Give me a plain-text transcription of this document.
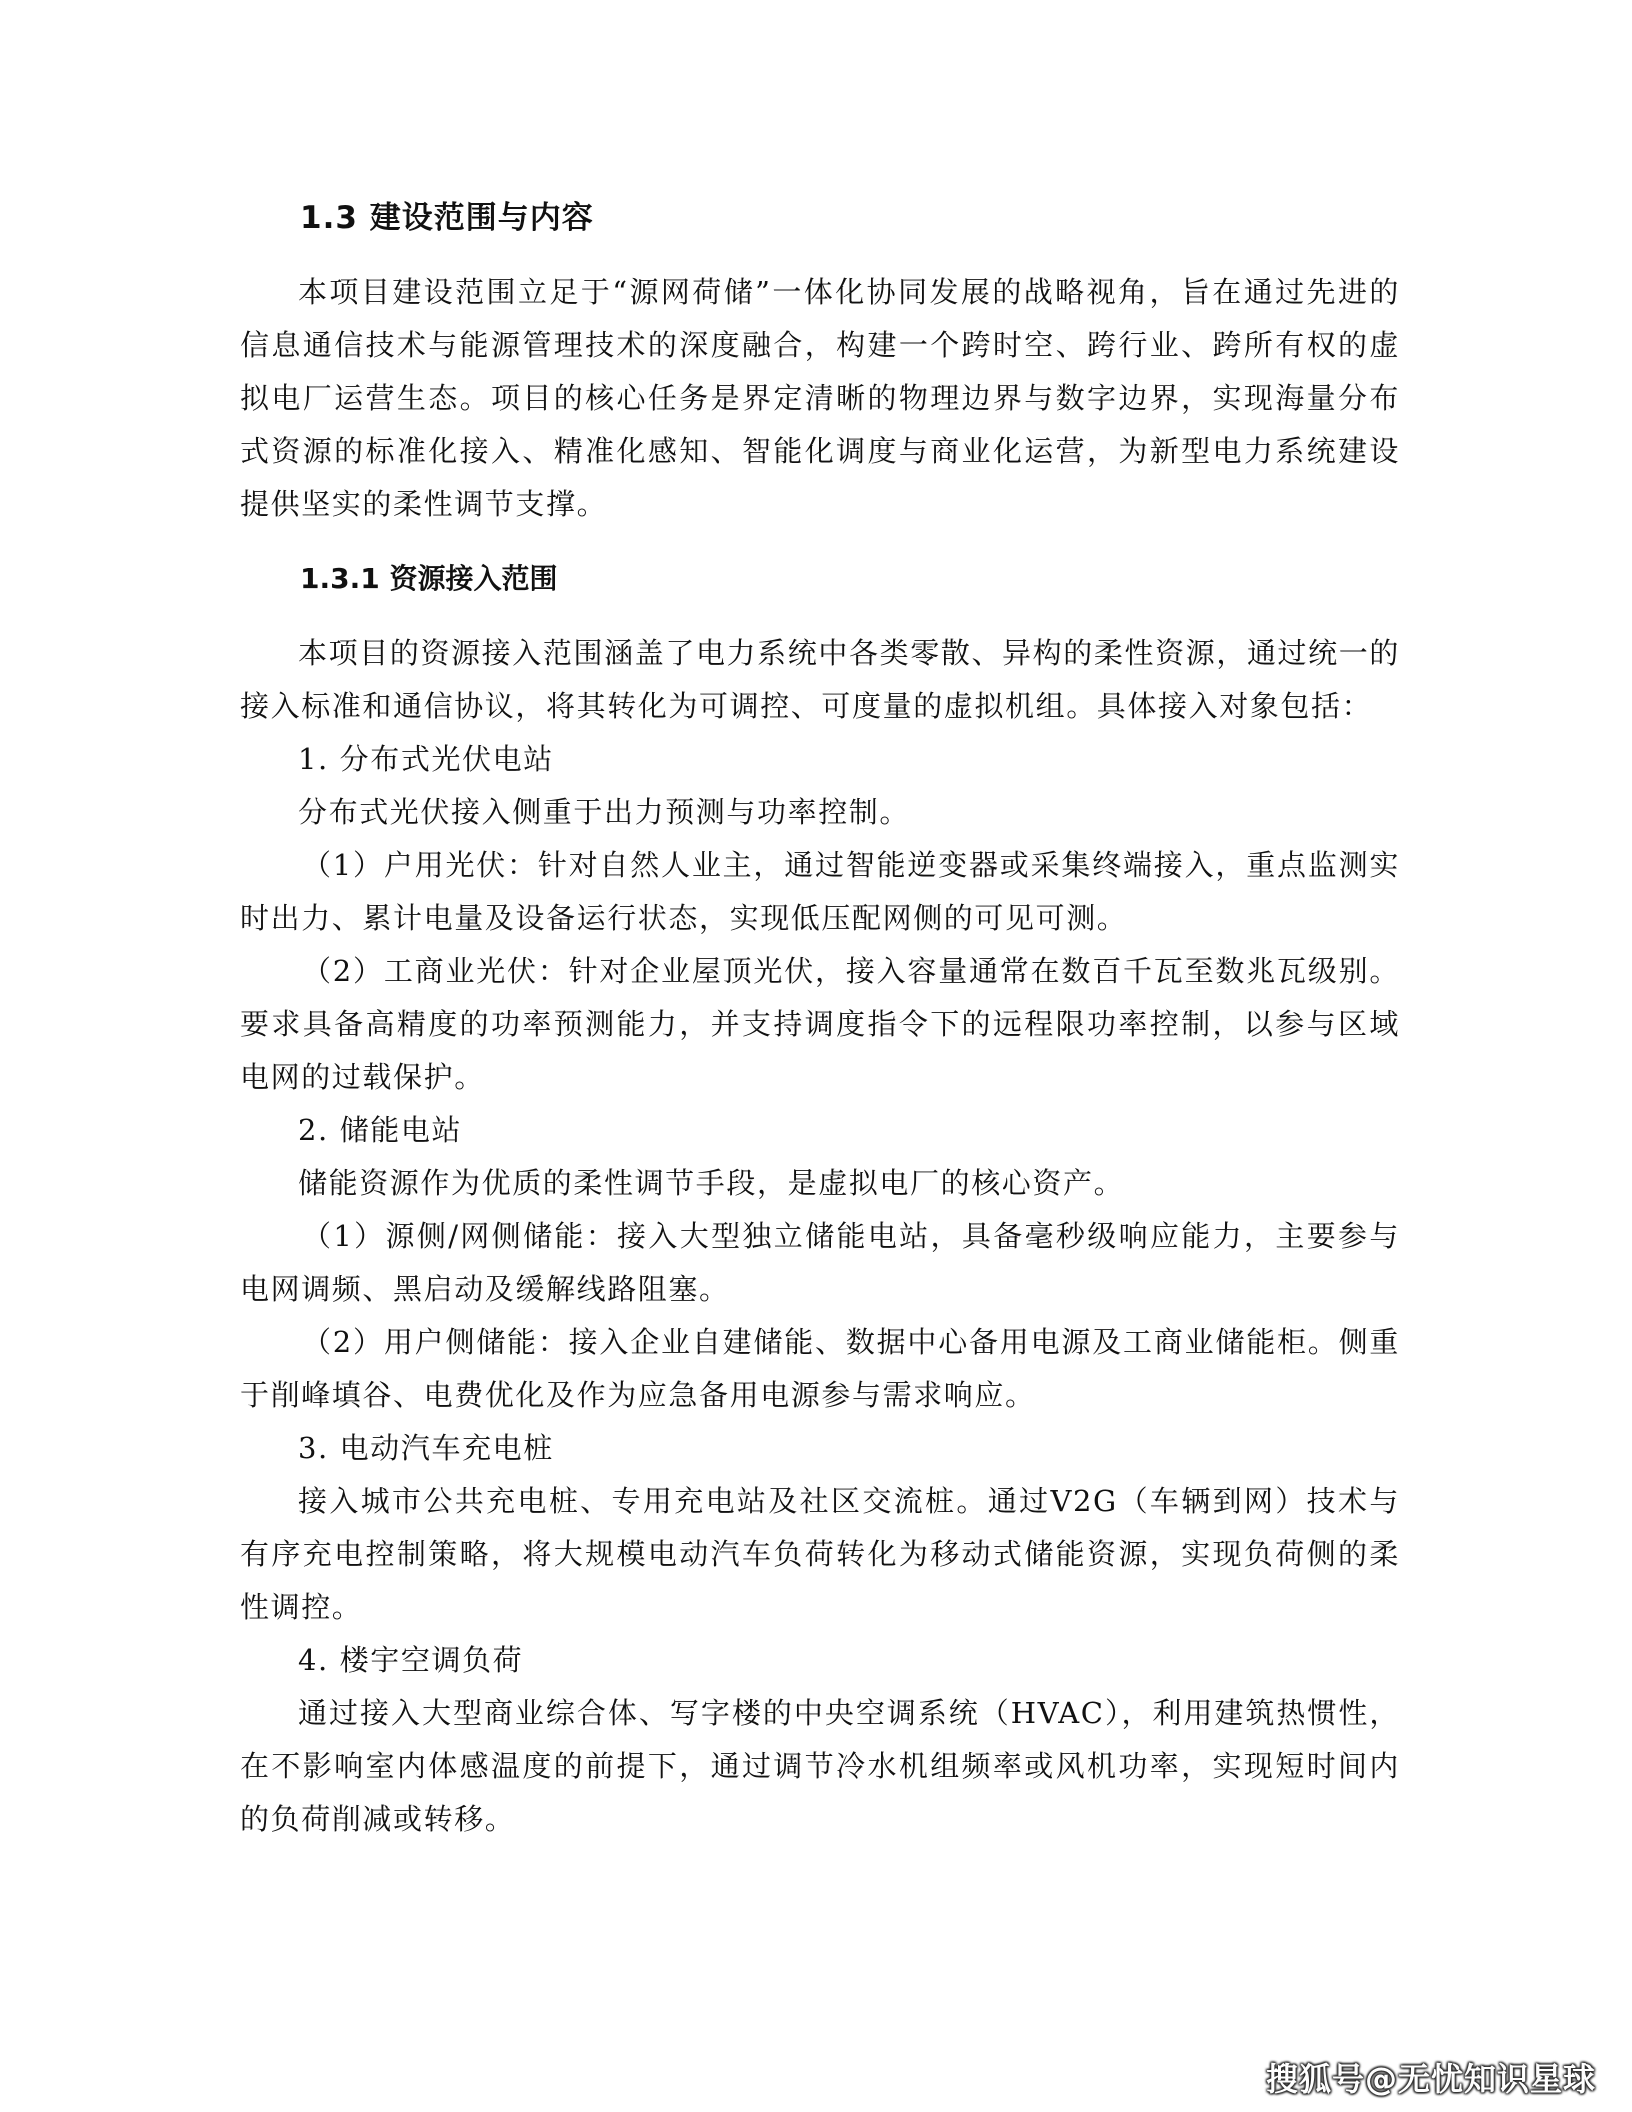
1.3 建设范围与内容

本项目建设范围立足于“源网荷储”一体化协同发展的战略视角，旨在通过先进的信息通信技术与能源管理技术的深度融合，构建一个跨时空、跨行业、跨所有权的虚拟电厂运营生态。项目的核心任务是界定清晰的物理边界与数字边界，实现海量分布式资源的标准化接入、精准化感知、智能化调度与商业化运营，为新型电力系统建设提供坚实的柔性调节支撑。

1.3.1 资源接入范围

本项目的资源接入范围涵盖了电力系统中各类零散、异构的柔性资源，通过统一的接入标准和通信协议，将其转化为可调控、可度量的虚拟机组。具体接入对象包括：

1. 分布式光伏电站

分布式光伏接入侧重于出力预测与功率控制。

（1）户用光伏：针对自然人业主，通过智能逆变器或采集终端接入，重点监测实时出力、累计电量及设备运行状态，实现低压配网侧的可见可测。

（2）工商业光伏：针对企业屋顶光伏，接入容量通常在数百千瓦至数兆瓦级别。要求具备高精度的功率预测能力，并支持调度指令下的远程限功率控制，以参与区域电网的过载保护。

2. 储能电站

储能资源作为优质的柔性调节手段，是虚拟电厂的核心资产。

（1）源侧/网侧储能：接入大型独立储能电站，具备毫秒级响应能力，主要参与电网调频、黑启动及缓解线路阻塞。

（2）用户侧储能：接入企业自建储能、数据中心备用电源及工商业储能柜。侧重于削峰填谷、电费优化及作为应急备用电源参与需求响应。

3. 电动汽车充电桩

接入城市公共充电桩、专用充电站及社区交流桩。通过V2G（车辆到网）技术与有序充电控制策略，将大规模电动汽车负荷转化为移动式储能资源，实现负荷侧的柔性调控。

4. 楼宇空调负荷

通过接入大型商业综合体、写字楼的中央空调系统（HVAC），利用建筑热惯性，在不影响室内体感温度的前提下，通过调节冷水机组频率或风机功率，实现短时间内的负荷削减或转移。

搜狐号@无忧知识星球
